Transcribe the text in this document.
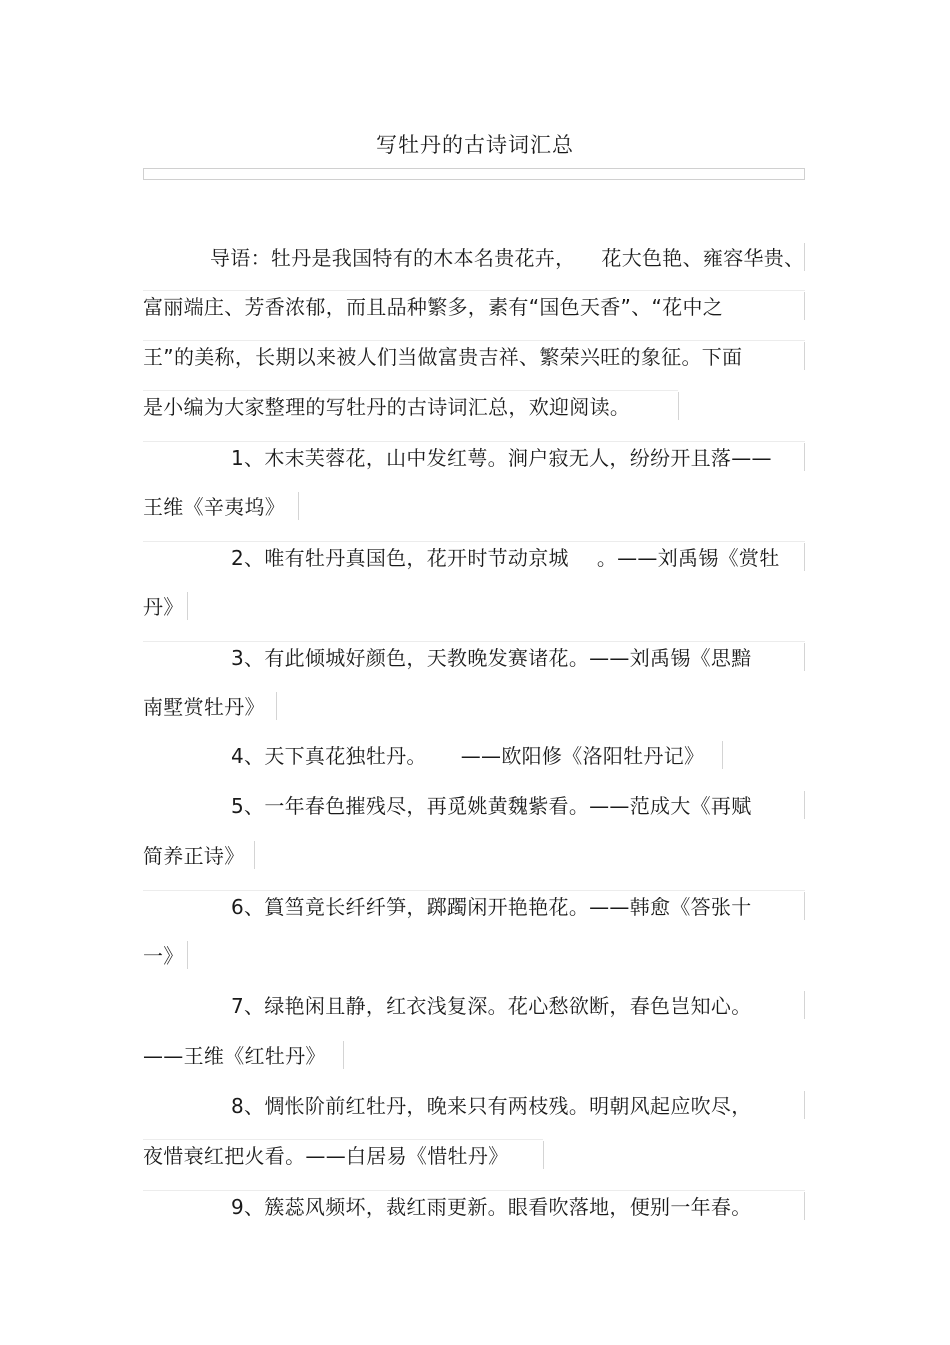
写牡丹的古诗词汇总
导语：牡丹是我国特有的木本名贵花卉， 花大色艳、雍容华贵、
富丽端庄、芳香浓郁，而且品种繁多，素有“国色天香”、“花中之
王”的美称，长期以来被人们当做富贵吉祥、繁荣兴旺的象征。下面
是小编为大家整理的写牡丹的古诗词汇总，欢迎阅读。
1、木末芙蓉花，山中发红萼。涧户寂无人，纷纷开且落——
王维《辛夷坞》
2、唯有牡丹真国色，花开时节动京城 。——刘禹锡《赏牡
丹》
3、有此倾城好颜色，天教晚发赛诸花。——刘禹锡《思黯
南墅赏牡丹》
4、天下真花独牡丹。 ——欧阳修《洛阳牡丹记》
5、一年春色摧残尽，再觅姚黄魏紫看。——范成大《再赋
简养正诗》
6、篔筜竟长纤纤笋，踯躅闲开艳艳花。——韩愈《答张十
一》
7、绿艳闲且静，红衣浅复深。花心愁欲断，春色岂知心。
——王维《红牡丹》
8、惆怅阶前红牡丹，晚来只有两枝残。明朝风起应吹尽，
夜惜衰红把火看。——白居易《惜牡丹》
9、簇蕊风频坏，裁红雨更新。眼看吹落地，便别一年春。
